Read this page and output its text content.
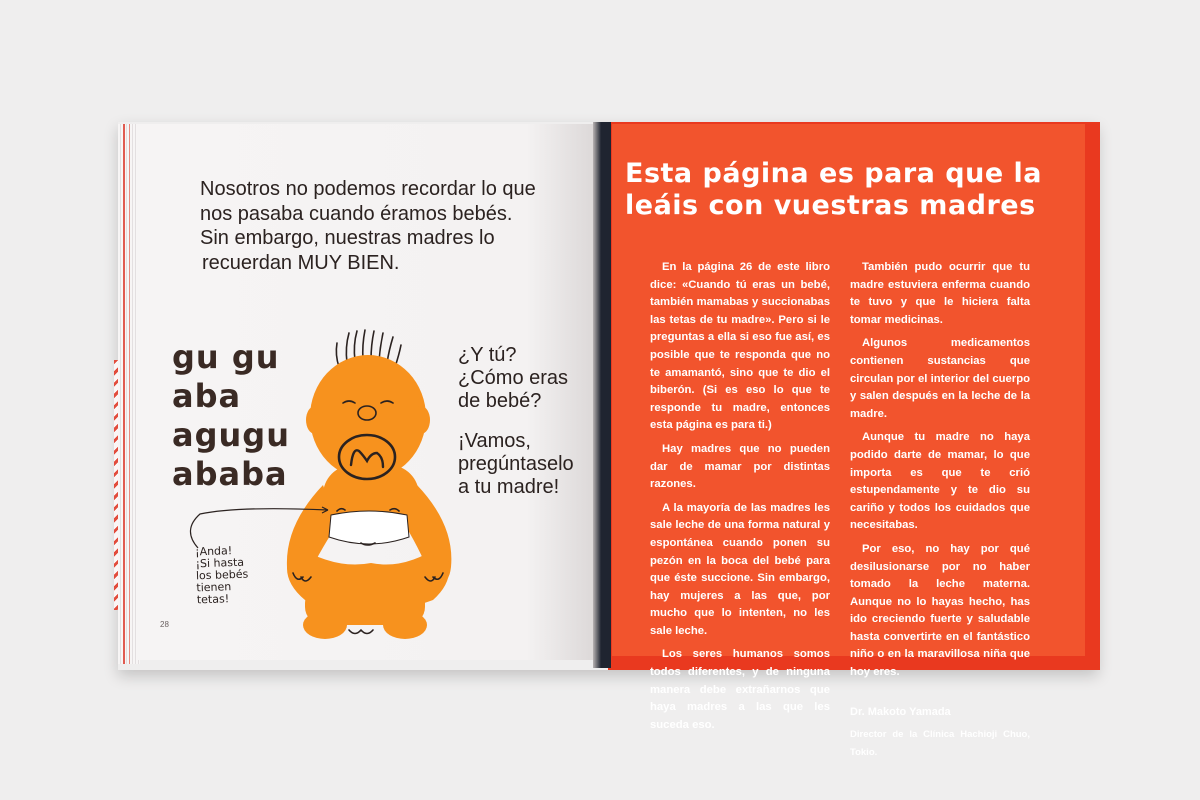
Nosotros no podemos recordar lo que
nos pasaba cuando éramos bebés.
Sin embargo, nuestras madres lo
recuerdan MUY BIEN.
gu gu
aba
agugu
ababa
¡Anda!
¡Si hasta
los bebés
tienen
tetas!
¿Y tú?
¿Cómo eras
de bebé?
¡Vamos,
pregúntaselo
a tu madre!
28
Esta página es para que la
leáis con vuestras madres

En la página 26 de este libro dice: «Cuando tú eras un bebé, también mamabas y succionabas las tetas de tu madre». Pero si le preguntas a ella si eso fue así, es posible que te responda que no te amamantó, sino que te dio el biberón. (Si es eso lo que te responde tu madre, entonces esta página es para ti.)

Hay madres que no pueden dar de mamar por distintas razones.

A la mayoría de las madres les sale leche de una forma natural y espontánea cuando ponen su pezón en la boca del bebé para que éste succione. Sin embargo, hay mujeres a las que, por mucho que lo intenten, no les sale leche.

Los seres humanos somos todos diferentes, y de ninguna manera debe extrañarnos que haya madres a las que les suceda eso.

También pudo ocurrir que tu madre estuviera enferma cuando te tuvo y que le hiciera falta tomar medicinas.

Algunos medicamentos contienen sustancias que circulan por el interior del cuerpo y salen después en la leche de la madre.

Aunque tu madre no haya podido darte de mamar, lo que importa es que te crió estupendamente y te dio su cariño y todos los cuidados que necesitabas.

Por eso, no hay por qué desilusionarse por no haber tomado la leche materna. Aunque no lo hayas hecho, has ido creciendo fuerte y saludable hasta convertirte en el fantástico niño o en la maravillosa niña que hoy eres.

Dr. Makoto Yamada
Director de la Clínica Hachioji Chuo, Tokio.
